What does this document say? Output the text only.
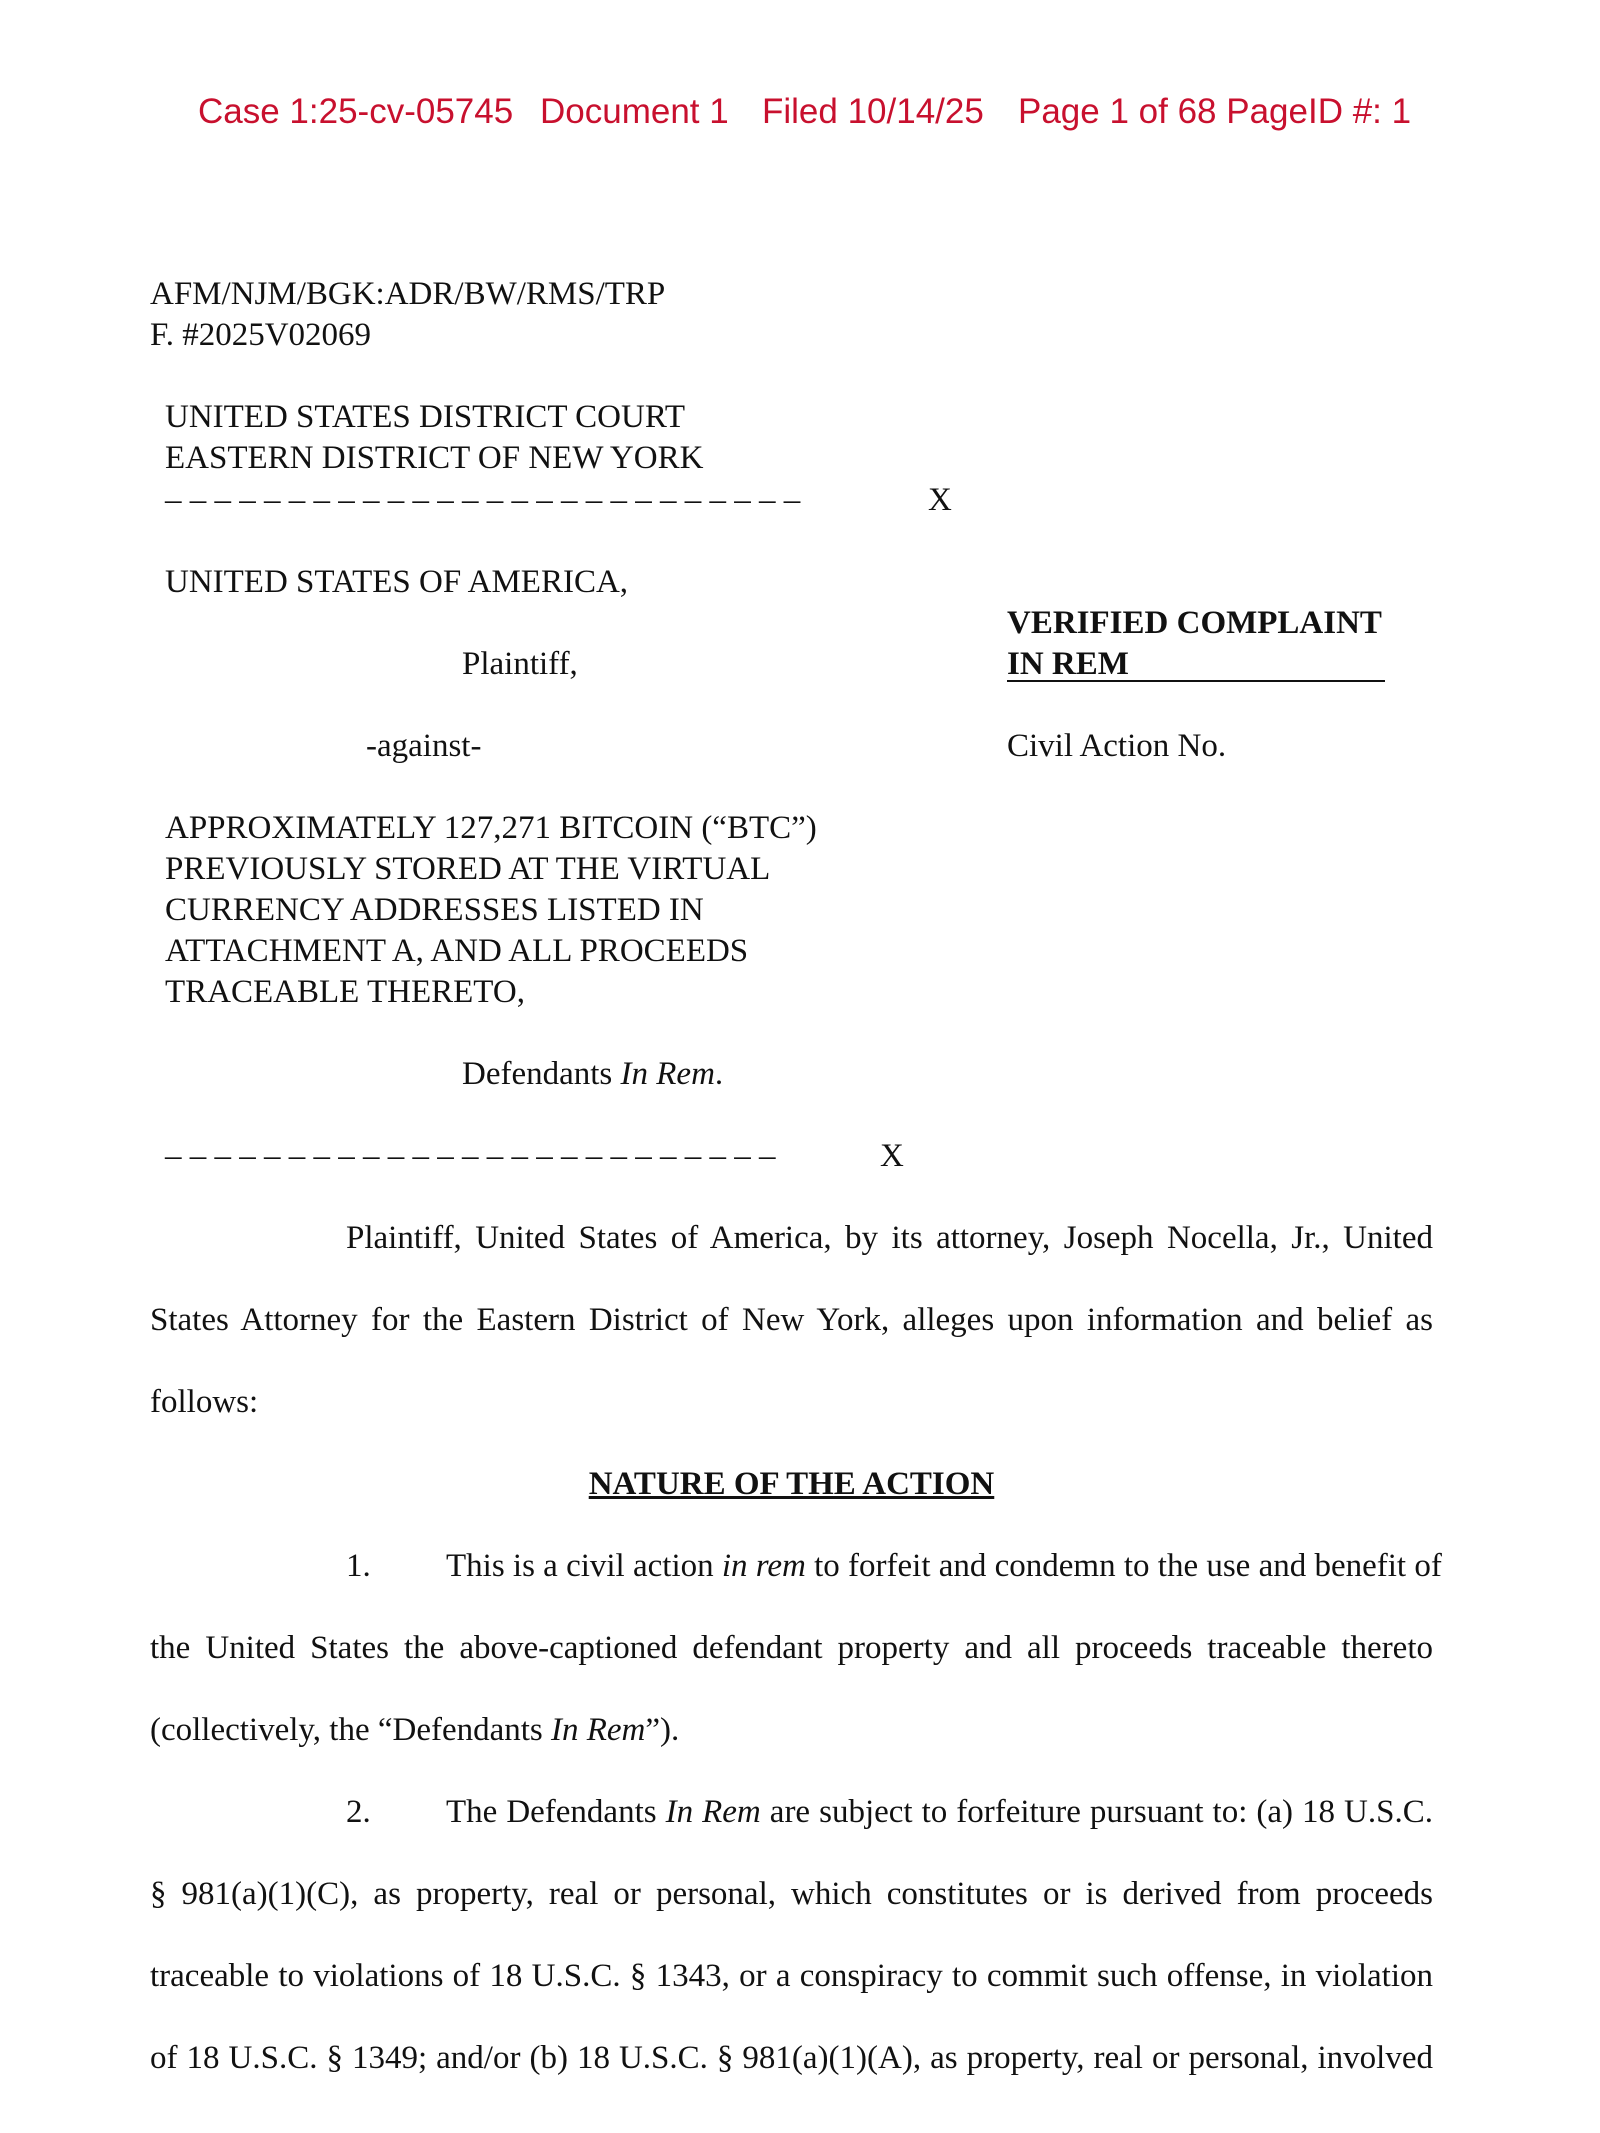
Case 1:25-cv-05745 Document 1 Filed 10/14/25 Page 1 of 68 PageID #: 1
AFM/NJM/BGK:ADR/BW/RMS/TRP
F. #2025V02069
UNITED STATES DISTRICT COURT
EASTERN DISTRICT OF NEW YORK
– – – – – – – – – – – – – – – – – – – – – – – – – –	X
UNITED STATES OF AMERICA,
Plaintiff,
-against-
APPROXIMATELY 127,271 BITCOIN (“BTC”)
PREVIOUSLY STORED AT THE VIRTUAL
CURRENCY ADDRESSES LISTED IN
ATTACHMENT A, AND ALL PROCEEDS
TRACEABLE THERETO,
Defendants In Rem.
– – – – – – – – – – – – – – – – – – – – – – – – –	X
VERIFIED COMPLAINT
IN REM
Civil Action No.
Plaintiff, United States of America, by its attorney, Joseph Nocella, Jr., United
States Attorney for the Eastern District of New York, alleges upon information and belief as
follows:
NATURE OF THE ACTION
1. This is a civil action in rem to forfeit and condemn to the use and benefit of
the United States the above-captioned defendant property and all proceeds traceable thereto
(collectively, the “Defendants In Rem”).
2. The Defendants In Rem are subject to forfeiture pursuant to: (a) 18 U.S.C.
§ 981(a)(1)(C), as property, real or personal, which constitutes or is derived from proceeds
traceable to violations of 18 U.S.C. § 1343, or a conspiracy to commit such offense, in violation
of 18 U.S.C. § 1349; and/or (b) 18 U.S.C. § 981(a)(1)(A), as property, real or personal, involved
